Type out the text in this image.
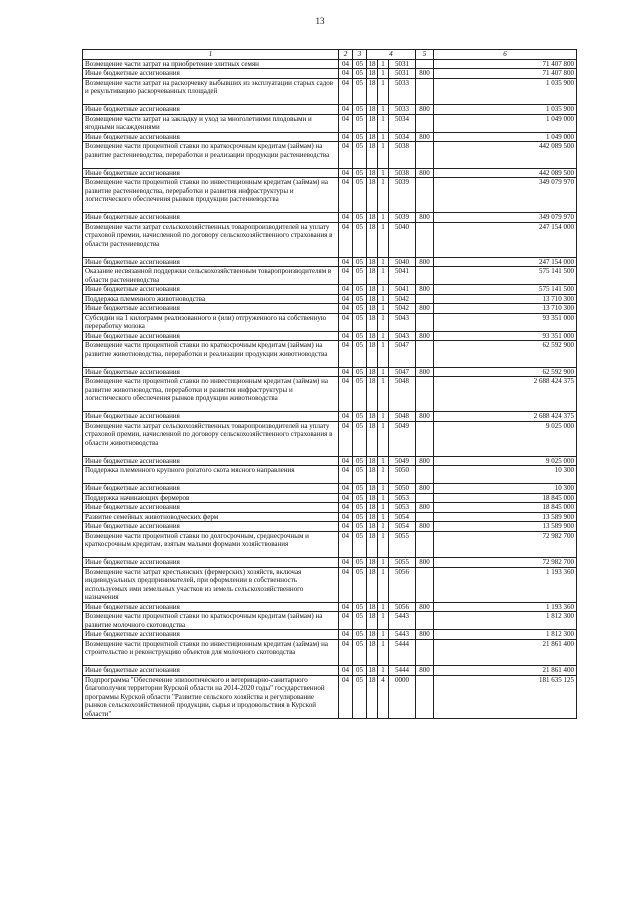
13
1	2	3	4			5	6
Возмещение части затрат на приобретение элитных семян	04	05	18	1	5031		71 407 800
Иные бюджетные ассигнования	04	05	18	1	5031	800	71 407 800
Возмещение части затрат на раскорчевку выбывших из эксплуатации старых садов и рекультивацию раскорчеванных площадей	04	05	18	1	5033		1 035 900
Иные бюджетные ассигнования	04	05	18	1	5033	800	1 035 900
Возмещение части затрат на закладку и уход за многолетними плодовыми и ягодными насаждениями	04	05	18	1	5034		1 049 000
Иные бюджетные ассигнования	04	05	18	1	5034	800	1 049 000
Возмещение части процентной ставки по краткосрочным кредитам (займам) на развитие растениеводства, переработки и реализации продукции растениеводства	04	05	18	1	5038		442 089 500
Иные бюджетные ассигнования	04	05	18	1	5038	800	442 089 500
Возмещение части процентной ставки по инвестиционным кредитам (займам) на развитие растениеводства, переработки и развития инфраструктуры и логистического обеспечения рынков продукции растениеводства	04	05	18	1	5039		349 079 970
Иные бюджетные ассигнования	04	05	18	1	5039	800	349 079 970
Возмещение части затрат сельскохозяйственных товаропроизводителей на уплату страховой премии, начисленной по договору сельскохозяйственного страхования в области растениеводства	04	05	18	1	5040		247 154 000
Иные бюджетные ассигнования	04	05	18	1	5040	800	247 154 000
Оказание несвязанной поддержки сельскохозяйственным товаропроизводителям в области растениеводства	04	05	18	1	5041		575 141 500
Иные бюджетные ассигнования	04	05	18	1	5041	800	575 141 500
Поддержка племенного животноводства	04	05	18	1	5042		13 710 300
Иные бюджетные ассигнования	04	05	18	1	5042	800	13 710 300
Субсидии на 1 килограмм реализованного и (или) отгруженного на собственную переработку молока	04	05	18	1	5043		93 351 000
Иные бюджетные ассигнования	04	05	18	1	5043	800	93 351 000
Возмещение части процентной ставки по краткосрочным кредитам (займам) на развитие животноводства, переработки и реализации продукции животноводства	04	05	18	1	5047		62 592 900
Иные бюджетные ассигнования	04	05	18	1	5047	800	62 592 900
Возмещение части процентной ставки по инвестиционным кредитам (займам) на развитие животноводства, переработки и развития инфраструктуры и логистического обеспечения рынков продукции животноводства	04	05	18	1	5048		2 688 424 375
Иные бюджетные ассигнования	04	05	18	1	5048	800	2 688 424 375
Возмещение части затрат сельскохозяйственных товаропроизводителей на уплату страховой премии, начисленной по договору сельскохозяйственного страхования в области животноводства	04	05	18	1	5049		9 025 000
Иные бюджетные ассигнования	04	05	18	1	5049	800	9 025 000
Поддержка племенного крупного рогатого скота мясного направления	04	05	18	1	5050		10 300
Иные бюджетные ассигнования	04	05	18	1	5050	800	10 300
Поддержка начинающих фермеров	04	05	18	1	5053		18 845 000
Иные бюджетные ассигнования	04	05	18	1	5053	800	18 845 000
Развитие семейных животноводческих ферм	04	05	18	1	5054		13 589 900
Иные бюджетные ассигнования	04	05	18	1	5054	800	13 589 900
Возмещение части процентной ставки по долгосрочным, среднесрочным и краткосрочным кредитам, взятым малыми формами хозяйствования	04	05	18	1	5055		72 982 700
Иные бюджетные ассигнования	04	05	18	1	5055	800	72 982 700
Возмещение части затрат крестьянских (фермерских) хозяйств, включая индивидуальных предпринимателей, при оформлении в собственность используемых ими земельных участков из земель сельскохозяйственного назначения	04	05	18	1	5056		1 193 360
Иные бюджетные ассигнования	04	05	18	1	5056	800	1 193 360
Возмещение части процентной ставки по краткосрочным кредитам (займам) на развитие молочного скотоводства	04	05	18	1	5443		1 812 300
Иные бюджетные ассигнования	04	05	18	1	5443	800	1 812 300
Возмещение части процентной ставки по инвестиционным кредитам (займам) на строительство и реконструкцию объектов для молочного скотоводства	04	05	18	1	5444		21 861 400
Иные бюджетные ассигнования	04	05	18	1	5444	800	21 861 400
Подпрограмма "Обеспечение эпизоотического и ветеринарно-санитарного благополучия территории Курской области на 2014-2020 годы" государственной программы Курской области "Развитие сельского хозяйства и регулирование рынков сельскохозяйственной продукции, сырья и продовольствия в Курской области"	04	05	18	4	0000		181 635 125
